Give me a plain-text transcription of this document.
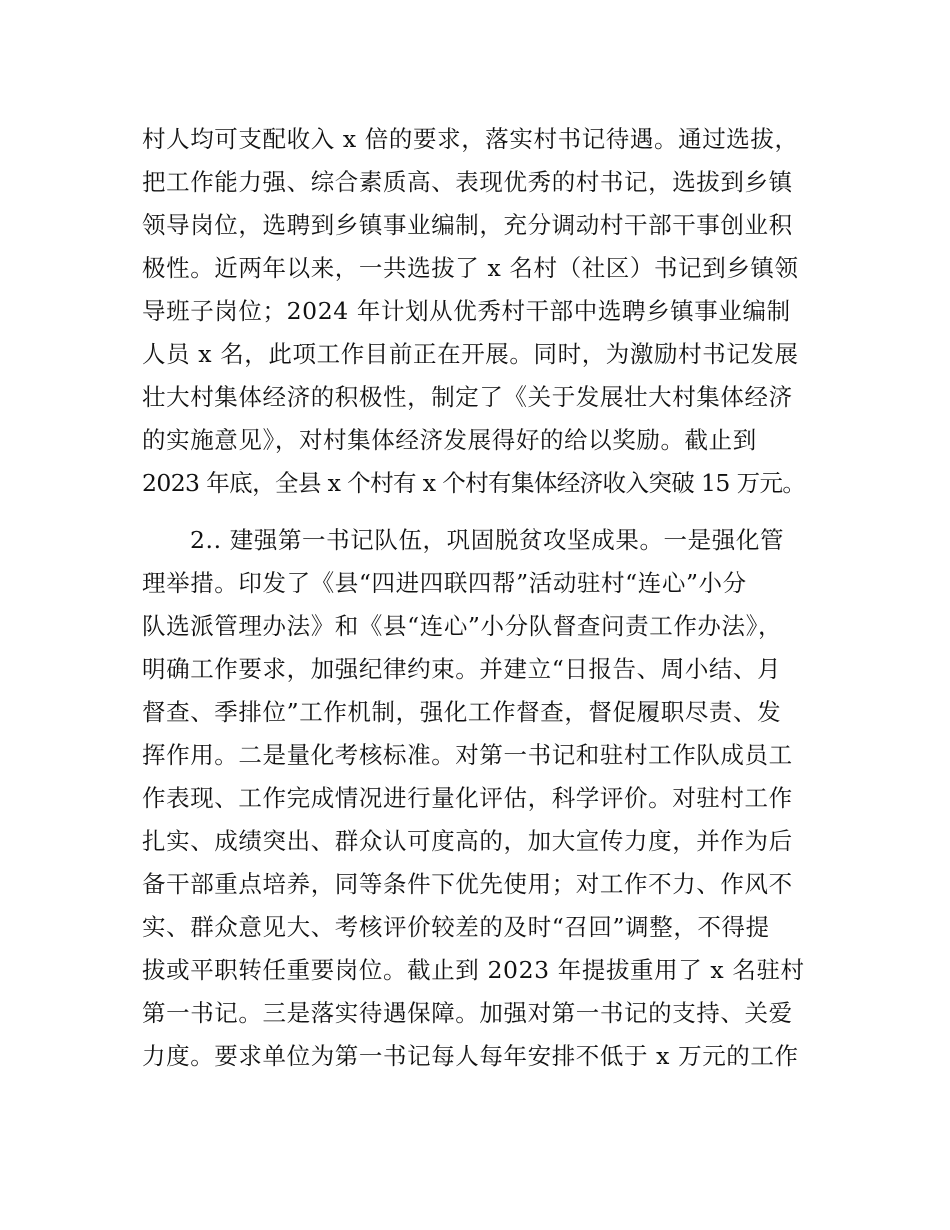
村人均可支配收入 x 倍的要求，落实村书记待遇。通过选拔，
把工作能力强、综合素质高、表现优秀的村书记，选拔到乡镇
领导岗位，选聘到乡镇事业编制，充分调动村干部干事创业积
极性。近两年以来，一共选拔了 x 名村（社区）书记到乡镇领
导班子岗位；2024 年计划从优秀村干部中选聘乡镇事业编制
人员 x 名，此项工作目前正在开展。同时，为激励村书记发展
壮大村集体经济的积极性，制定了《关于发展壮大村集体经济
的实施意见》，对村集体经济发展得好的给以奖励。截止到
2023 年底，全县 x 个村有 x 个村有集体经济收入突破 15 万元。
2.. 建强第一书记队伍，巩固脱贫攻坚成果。一是强化管
理举措。印发了《县“四进四联四帮”活动驻村“连心”小分
队选派管理办法》和《县“连心”小分队督查问责工作办法》，
明确工作要求，加强纪律约束。并建立“日报告、周小结、月
督查、季排位”工作机制，强化工作督查，督促履职尽责、发
挥作用。二是量化考核标准。对第一书记和驻村工作队成员工
作表现、工作完成情况进行量化评估，科学评价。对驻村工作
扎实、成绩突出、群众认可度高的，加大宣传力度，并作为后
备干部重点培养，同等条件下优先使用；对工作不力、作风不
实、群众意见大、考核评价较差的及时“召回”调整，不得提
拔或平职转任重要岗位。截止到 2023 年提拔重用了 x 名驻村
第一书记。三是落实待遇保障。加强对第一书记的支持、关爱
力度。要求单位为第一书记每人每年安排不低于 x 万元的工作
